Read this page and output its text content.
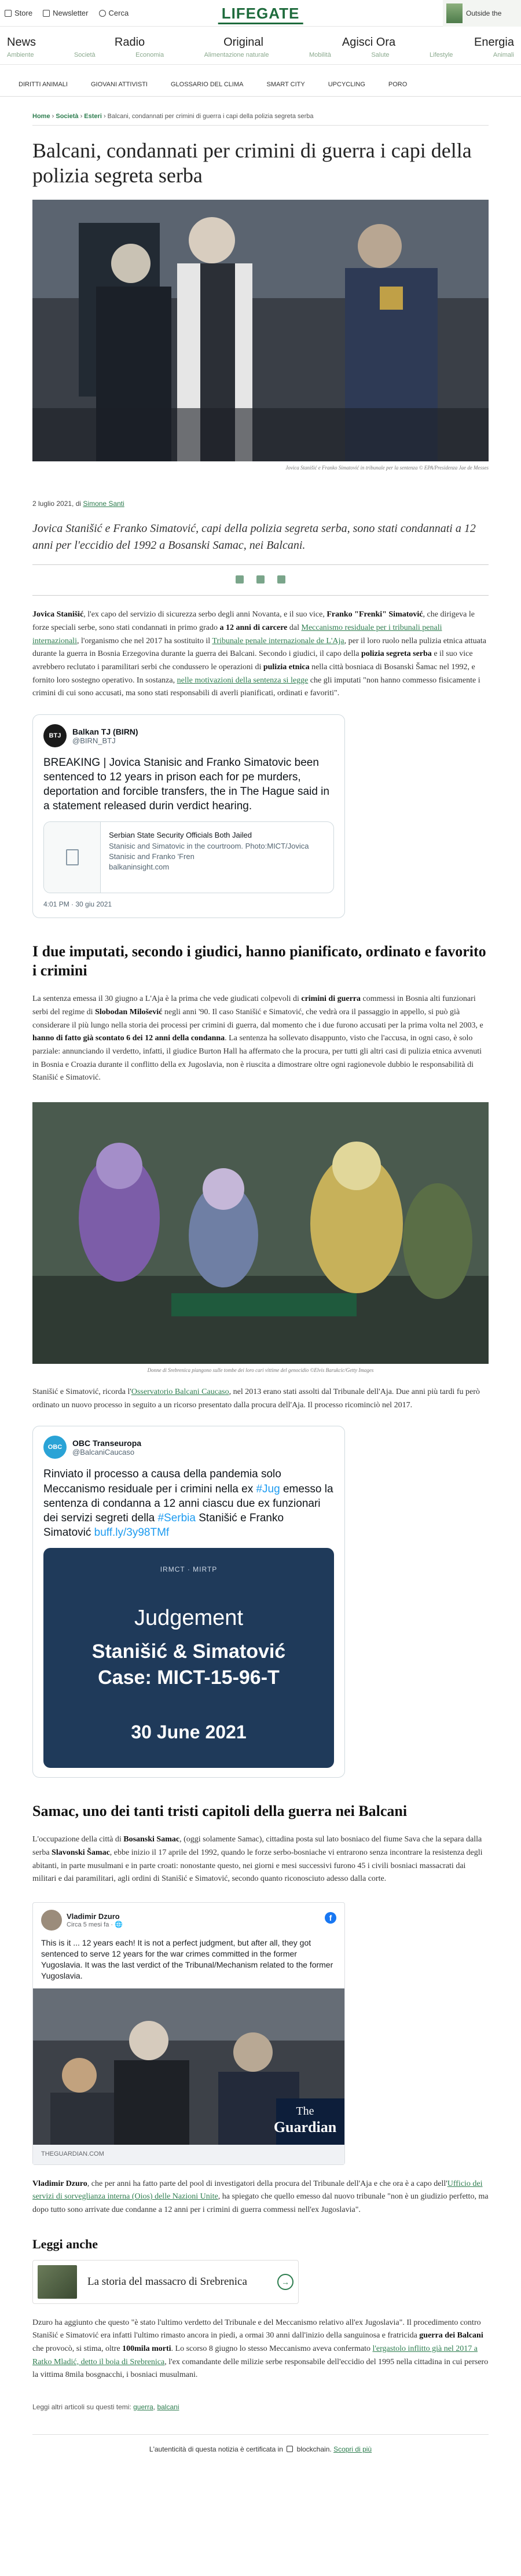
Store	Newsletter	Cerca	LIFEGATE	Outside the
News	Radio	Original	Agisci Ora	Energia
Ambiente	Società	Economia	Alimentazione naturale	Mobilità	Salute	Lifestyle	Animali
DIRITTI ANIMALI	GIOVANI ATTIVISTI	GLOSSARIO DEL CLIMA	SMART CITY	UPCYCLING	PORO
Home › Società › Esteri › Balcani, condannati per crimini di guerra i capi della polizia segreta serba
Balcani, condannati per crimini di guerra i capi della polizia segreta serba
Jovica Stanišić e Franko Simatović in tribunale per la sentenza © EPA/Presidenza Jae de Messes
2 luglio 2021, di Simone Santi
Jovica Stanišić e Franko Simatović, capi della polizia segreta serba, sono stati condannati a 12 anni per l'eccidio del 1992 a Bosanski Samac, nei Balcani.

Jovica Stanišić, l'ex capo del servizio di sicurezza serbo degli anni Novanta, e il suo vice, Franko "Frenki" Simatović, che dirigeva le forze speciali serbe, sono stati condannati in primo grado a 12 anni di carcere dal Meccanismo residuale per i tribunali penali internazionali, l'organismo che nel 2017 ha sostituito il Tribunale penale internazionale de L'Aja, per il loro ruolo nella pulizia etnica attuata durante la guerra in Bosnia Erzegovina durante la guerra dei Balcani. Secondo i giudici, il capo della polizia segreta serba e il suo vice avrebbero reclutato i paramilitari serbi che condussero le operazioni di pulizia etnica nella città bosniaca di Bosanski Šamac nel 1992, e fornito loro sostegno operativo. In sostanza, nelle motivazioni della sentenza si legge che gli imputati "non hanno commesso fisicamente i crimini di cui sono accusati, ma sono stati responsabili di averli pianificati, ordinati e favoriti".

BTJ	Balkan TJ (BIRN)
@BIRN_BTJ
BREAKING | Jovica Stanisic and Franko Simatovic been sentenced to 12 years in prison each for pe murders, deportation and forcible transfers, the in The Hague said in a statement released durin verdict hearing.
Serbian State Security Officials Both Jailed
Stanisic and Simatovic in the courtroom. Photo:MICT/Jovica Stanisic and Franko 'Fren
balkaninsight.com
4:01 PM · 30 giu 2021
I due imputati, secondo i giudici, hanno pianificato, ordinato e favorito i crimini

La sentenza emessa il 30 giugno a L'Aja è la prima che vede giudicati colpevoli di crimini di guerra commessi in Bosnia alti funzionari serbi del regime di Slobodan Milošević negli anni '90. Il caso Stanišić e Simatović, che vedrà ora il passaggio in appello, si può già considerare il più lungo nella storia dei processi per crimini di guerra, dal momento che i due furono accusati per la prima volta nel 2003, e hanno di fatto già scontato 6 dei 12 anni della condanna. La sentenza ha sollevato disappunto, visto che l'accusa, in ogni caso, è solo parziale: annunciando il verdetto, infatti, il giudice Burton Hall ha affermato che la procura, per tutti gli altri casi di pulizia etnica avvenuti in Bosnia e Croazia durante il conflitto della ex Jugoslavia, non è riuscita a dimostrare oltre ogni ragionevole dubbio le responsabilità di Stanišić e Simatović.

Donne di Srebrenica piangono sulle tombe dei loro cari vittime del genocidio ©Elvis Barukcic/Getty Images

Stanišić e Simatović, ricorda l'Osservatorio Balcani Caucaso, nel 2013 erano stati assolti dal Tribunale dell'Aja. Due anni più tardi fu però ordinato un nuovo processo in seguito a un ricorso presentato dalla procura dell'Aja. Il processo ricominciò nel 2017.

OBC	OBC Transeuropa
@BalcaniCaucaso
Rinviato il processo a causa della pandemia solo Meccanismo residuale per i crimini nella ex #Jug emesso la sentenza di condanna a 12 anni ciascu due ex funzionari dei servizi segreti della #Serbia Stanišić e Franko Simatović buff.ly/3y98TMf
IRMCT · MIRTP
Judgement
Stanišić & Simatović
Case: MICT-15-96-T
30 June 2021
Samac, uno dei tanti tristi capitoli della guerra nei Balcani

L'occupazione della città di Bosanski Samac, (oggi solamente Samac), cittadina posta sul lato bosniaco del fiume Sava che la separa dalla serba Slavonski Šamac, ebbe inizio il 17 aprile del 1992, quando le forze serbo-bosniache vi entrarono senza incontrare la resistenza degli abitanti, in parte musulmani e in parte croati: nonostante questo, nei giorni e mesi successivi furono 45 i civili bosniaci massacrati dai militari e dai paramilitari, agli ordini di Stanišić e Simatović, secondo quanto riconosciuto adesso dalla corte.

Vladimir Dzuro
Circa 5 mesi fa · 🌐
f
This is it ... 12 years each! It is not a perfect judgment, but after all, they got sentenced to serve 12 years for the war crimes committed in the former Yugoslavia. It was the last verdict of the Tribunal/Mechanism related to the former Yugoslavia.
The
Guardian
THEGUARDIAN.COM

Vladimir Dzuro, che per anni ha fatto parte del pool di investigatori della procura del Tribunale dell'Aja e che ora è a capo dell'Ufficio dei servizi di sorveglianza interna (Oios) delle Nazioni Unite, ha spiegato che quello emesso dal nuovo tribunale "non è un giudizio perfetto, ma dopo tutto sono arrivate due condanne a 12 anni per i crimini di guerra commessi nell'ex Jugoslavia".

Leggi anche
La storia del massacro di Srebrenica	→

Dzuro ha aggiunto che questo "è stato l'ultimo verdetto del Tribunale e del Meccanismo relativo all'ex Jugoslavia". Il procedimento contro Stanišić e Simatović era infatti l'ultimo rimasto ancora in piedi, a ormai 30 anni dall'inizio della sanguinosa e fratricida guerra dei Balcani che provocò, si stima, oltre 100mila morti. Lo scorso 8 giugno lo stesso Meccanismo aveva confermato l'ergastolo inflitto già nel 2017 a Ratko Mladić, detto il boia di Srebrenica, l'ex comandante delle milizie serbe responsabile dell'eccidio del 1995 nella cittadina in cui persero la vittima 8mila bosgnacchi, i bosniaci musulmani.

Leggi altri articoli su questi temi: guerra, balcani
L'autenticità di questa notizia è certificata in blockchain. Scopri di più
